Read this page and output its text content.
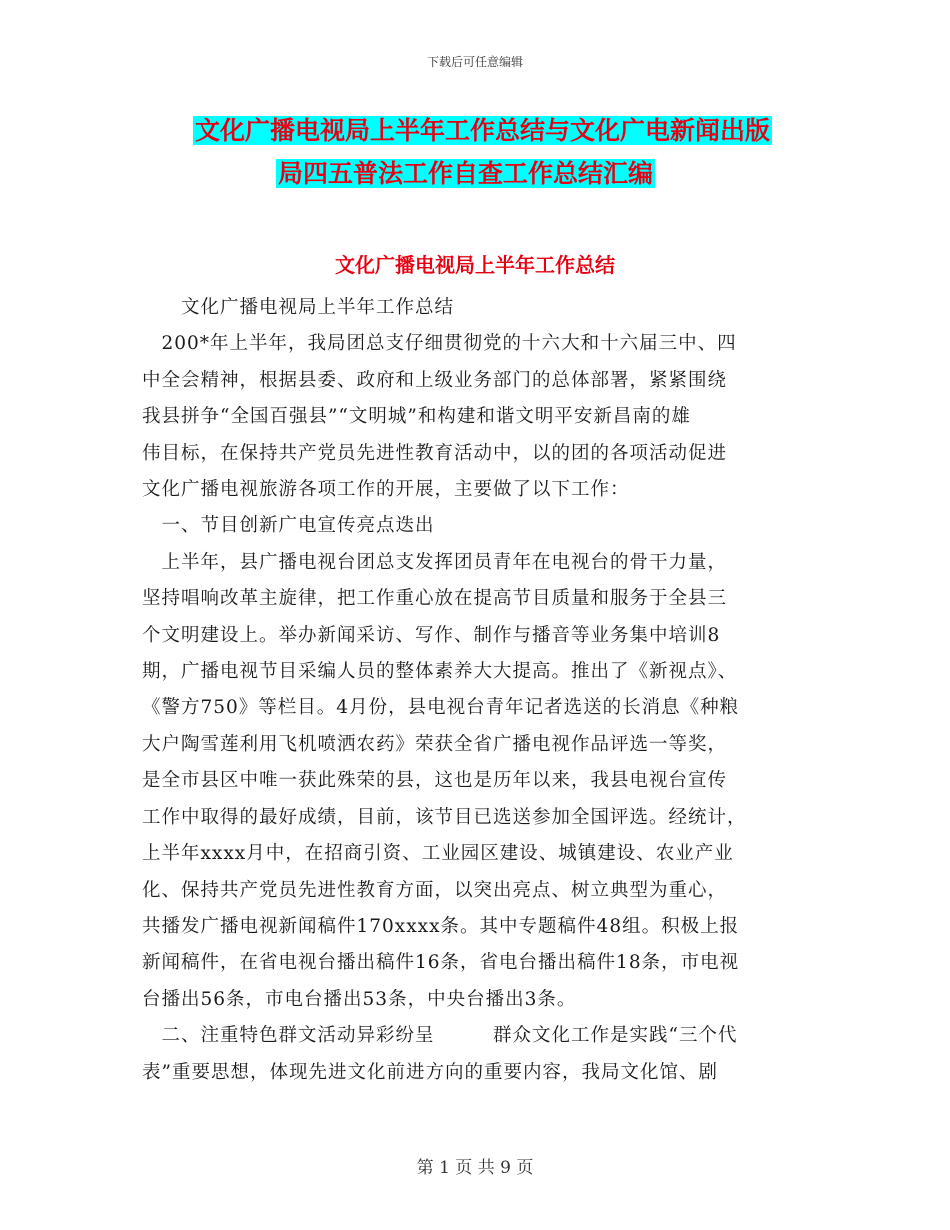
下载后可任意编辑
文化广播电视局上半年工作总结与文化广电新闻出版
局四五普法工作自查工作总结汇编
文化广播电视局上半年工作总结

　　文化广播电视局上半年工作总结

　200*年上半年，我局团总支仔细贯彻党的十六大和十六届三中、四

中全会精神，根据县委、政府和上级业务部门的总体部署，紧紧围绕

我县拼争“全国百强县”“文明城”和构建和谐文明平安新昌南的雄

伟目标，在保持共产党员先进性教育活动中，以的团的各项活动促进

文化广播电视旅游各项工作的开展，主要做了以下工作：

　一、节目创新广电宣传亮点迭出

　上半年，县广播电视台团总支发挥团员青年在电视台的骨干力量，

坚持唱响改革主旋律，把工作重心放在提高节目质量和服务于全县三

个文明建设上。举办新闻采访、写作、制作与播音等业务集中培训8

期，广播电视节目采编人员的整体素养大大提高。推出了《新视点》、

《警方750》等栏目。4月份，县电视台青年记者选送的长消息《种粮

大户陶雪莲利用飞机喷洒农药》荣获全省广播电视作品评选一等奖，

是全市县区中唯一获此殊荣的县，这也是历年以来，我县电视台宣传

工作中取得的最好成绩，目前，该节目已选送参加全国评选。经统计，

上半年xxxx月中，在招商引资、工业园区建设、城镇建设、农业产业

化、保持共产党员先进性教育方面，以突出亮点、树立典型为重心，

共播发广播电视新闻稿件170xxxx条。其中专题稿件48组。积极上报

新闻稿件，在省电视台播出稿件16条，省电台播出稿件18条，市电视

台播出56条，市电台播出53条，中央台播出3条。

　二、注重特色群文活动异彩纷呈　　　群众文化工作是实践“三个代

表”重要思想，体现先进文化前进方向的重要内容，我局文化馆、剧

第 1 页 共 9 页
